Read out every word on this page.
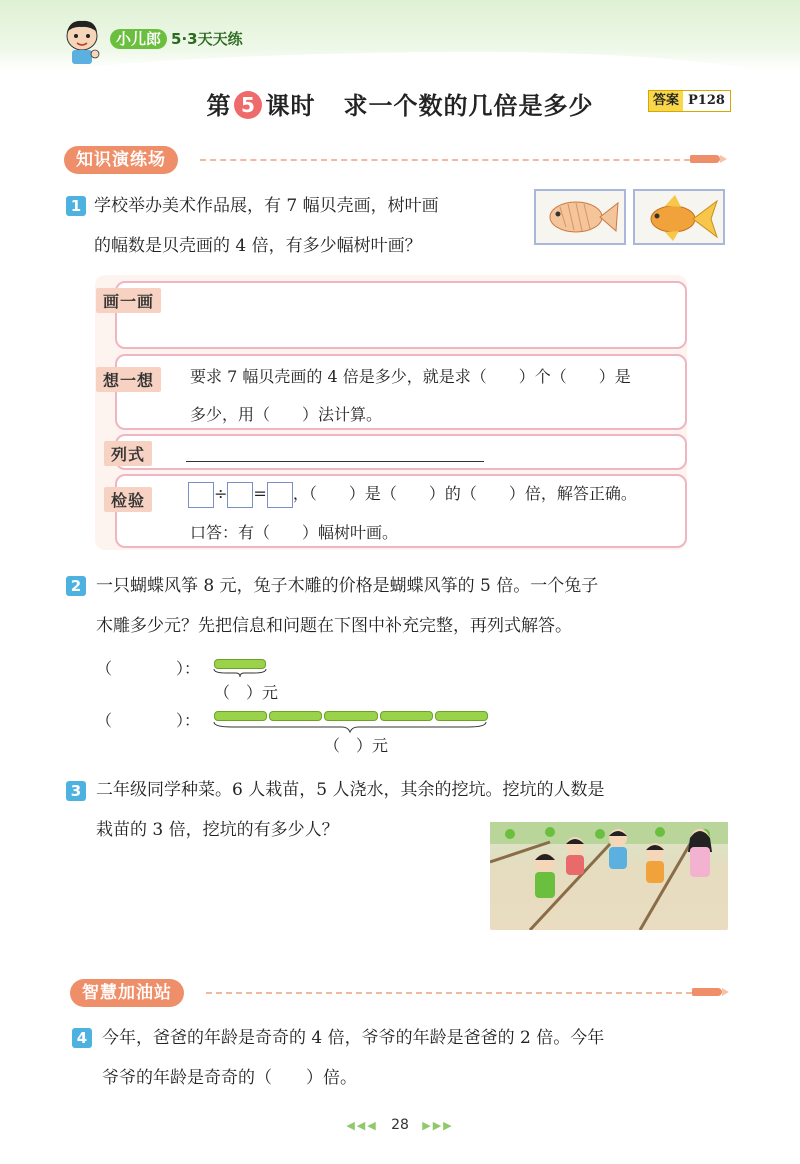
小儿郎 5·3天天练
第 5 课时 求一个数的几倍是多少	答案 P128
知识演练场
1 学校举办美术作品展，有 7 幅贝壳画，树叶画
的幅数是贝壳画的 4 倍，有多少幅树叶画？
画一画
想一想	要求 7 幅贝壳画的 4 倍是多少，就是求（　　）个（　　）是
多少，用（　　）法计算。
列式
检验	÷ = ，（　　）是（　　）的（　　）倍，解答正确。
口答：有（　　）幅树叶画。
2 一只蝴蝶风筝 8 元，兔子木雕的价格是蝴蝶风筝的 5 倍。一个兔子
木雕多少元？先把信息和问题在下图中补充完整，再列式解答。
（　　　　）：
（　）元
（　　　　）：
（　）元
3 二年级同学种菜。6 人栽苗，5 人浇水，其余的挖坑。挖坑的人数是
栽苗的 3 倍，挖坑的有多少人？
智慧加油站
4 今年，爸爸的年龄是奇奇的 4 倍，爷爷的年龄是爸爸的 2 倍。今年
爷爷的年龄是奇奇的（　　）倍。
◀◀◀ 28 ▶▶▶
